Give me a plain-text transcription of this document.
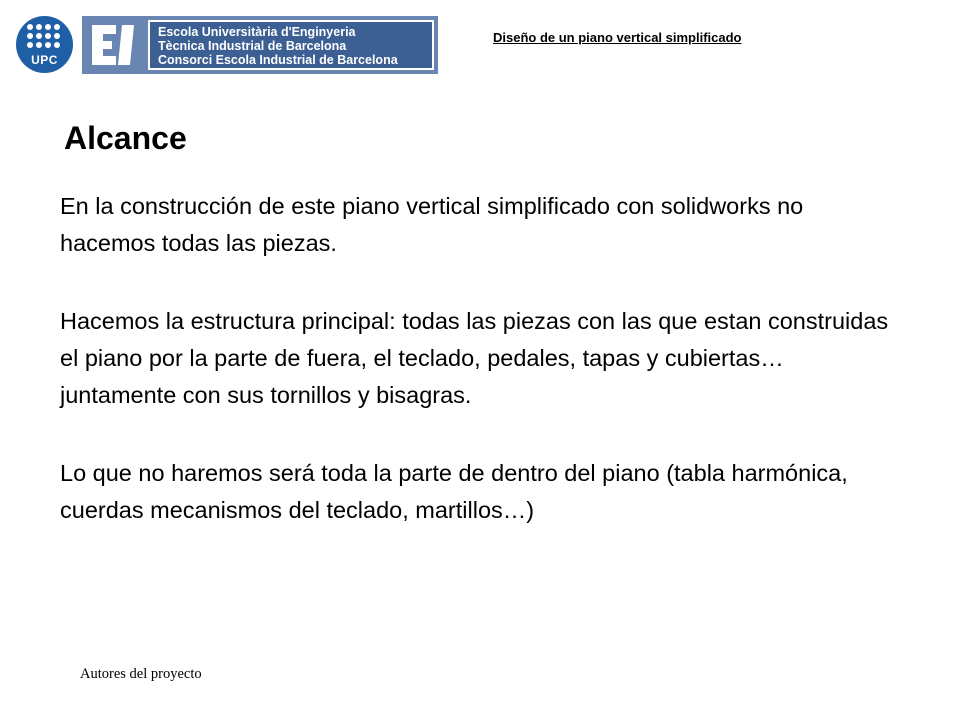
UPC
Escola Universitària d'Enginyeria
Tècnica Industrial de Barcelona
Consorci Escola Industrial de Barcelona
Diseño de un piano vertical simplificado
Alcance

En la construcción de este piano vertical simplificado con solidworks no hacemos todas las piezas.

Hacemos la estructura principal: todas las piezas con las que estan construidas el piano por la parte de fuera, el teclado, pedales, tapas y cubiertas… juntamente con sus tornillos y bisagras.

Lo que no haremos será toda la parte de dentro del piano (tabla harmónica, cuerdas mecanismos del teclado, martillos…)

Autores del proyecto
